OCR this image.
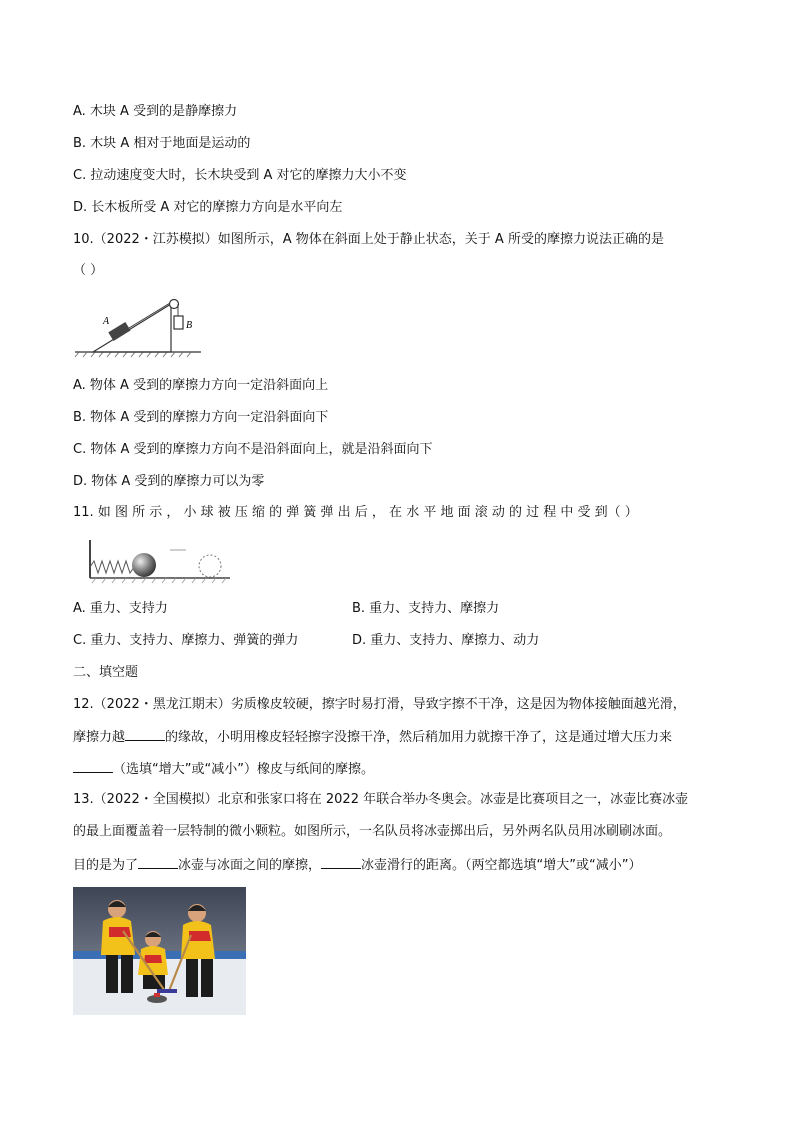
A. 木块 A 受到的是静摩擦力
B. 木块 A 相对于地面是运动的
C. 拉动速度变大时，长木块受到 A 对它的摩擦力大小不变
D. 长木板所受 A 对它的摩擦力方向是水平向左
10.（2022・江苏模拟）如图所示，A 物体在斜面上处于静止状态，关于 A 所受的摩擦力说法正确的是
（ ）
A	B
A. 物体 A 受到的摩擦力方向一定沿斜面向上
B. 物体 A 受到的摩擦力方向一定沿斜面向下
C. 物体 A 受到的摩擦力方向不是沿斜面向上，就是沿斜面向下
D. 物体 A 受到的摩擦力可以为零
11. 如 图 所 示 ， 小 球 被 压 缩 的 弹 簧 弹 出 后 ， 在 水 平 地 面 滚 动 的 过 程 中 受 到（ ）
A. 重力、支持力	B. 重力、支持力、摩擦力
C. 重力、支持力、摩擦力、弹簧的弹力	D. 重力、支持力、摩擦力、动力
二、填空题
12.（2022・黑龙江期末）劣质橡皮较硬，擦字时易打滑，导致字擦不干净，这是因为物体接触面越光滑，
摩擦力越	的缘故，小明用橡皮轻轻擦字没擦干净，然后稍加用力就擦干净了，这是通过增大压力来
（选填“增大”或“减小”）橡皮与纸间的摩擦。
13.（2022・全国模拟）北京和张家口将在 2022 年联合举办冬奥会。冰壶是比赛项目之一，冰壶比赛冰壶
的最上面覆盖着一层特制的微小颗粒。如图所示，一名队员将冰壶掷出后，另外两名队员用冰刷刷冰面。
目的是为了	冰壶与冰面之间的摩擦，	冰壶滑行的距离。（两空都选填“增大”或“减小”）
